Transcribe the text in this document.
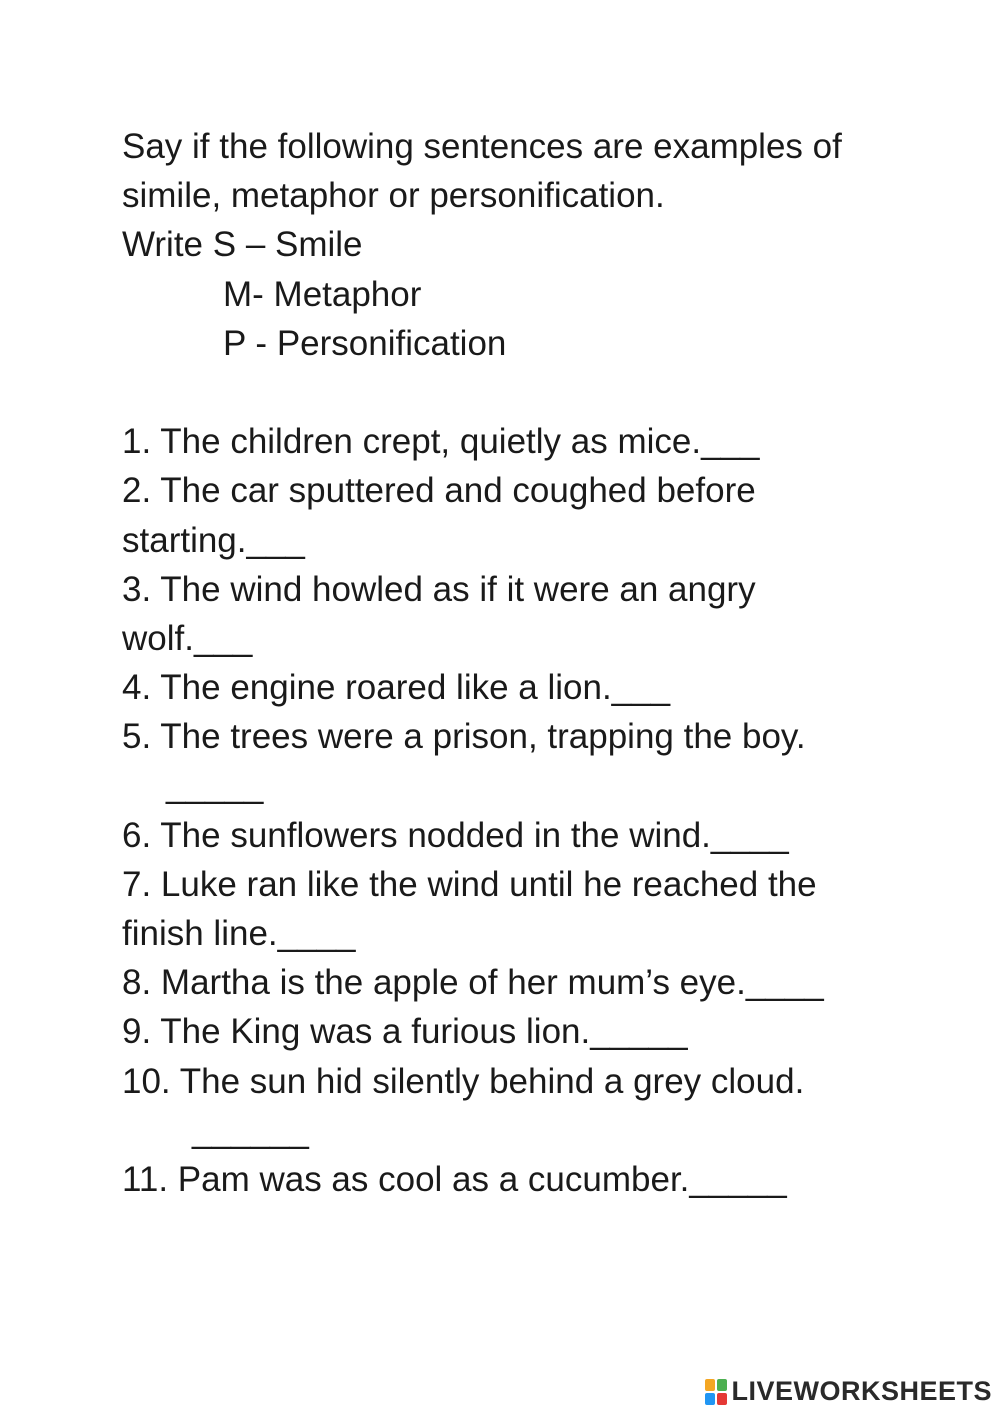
Say if the following sentences are examples of
simile, metaphor or personification.
Write S – Smile
M- Metaphor
P - Personification
1. The children crept, quietly as mice.___
2. The car sputtered and coughed before
starting.___
3. The wind howled as if it were an angry
wolf.___
4. The engine roared like a lion.___
5. The trees were a prison, trapping the boy.
_____
6. The sunflowers nodded in the wind.____
7. Luke ran like the wind until he reached the
finish line.____
8. Martha is the apple of her mum’s eye.____
9. The King was a furious lion._____
10. The sun hid silently behind a grey cloud.
______
11. Pam was as cool as a cucumber._____
LIVEWORKSHEETS
